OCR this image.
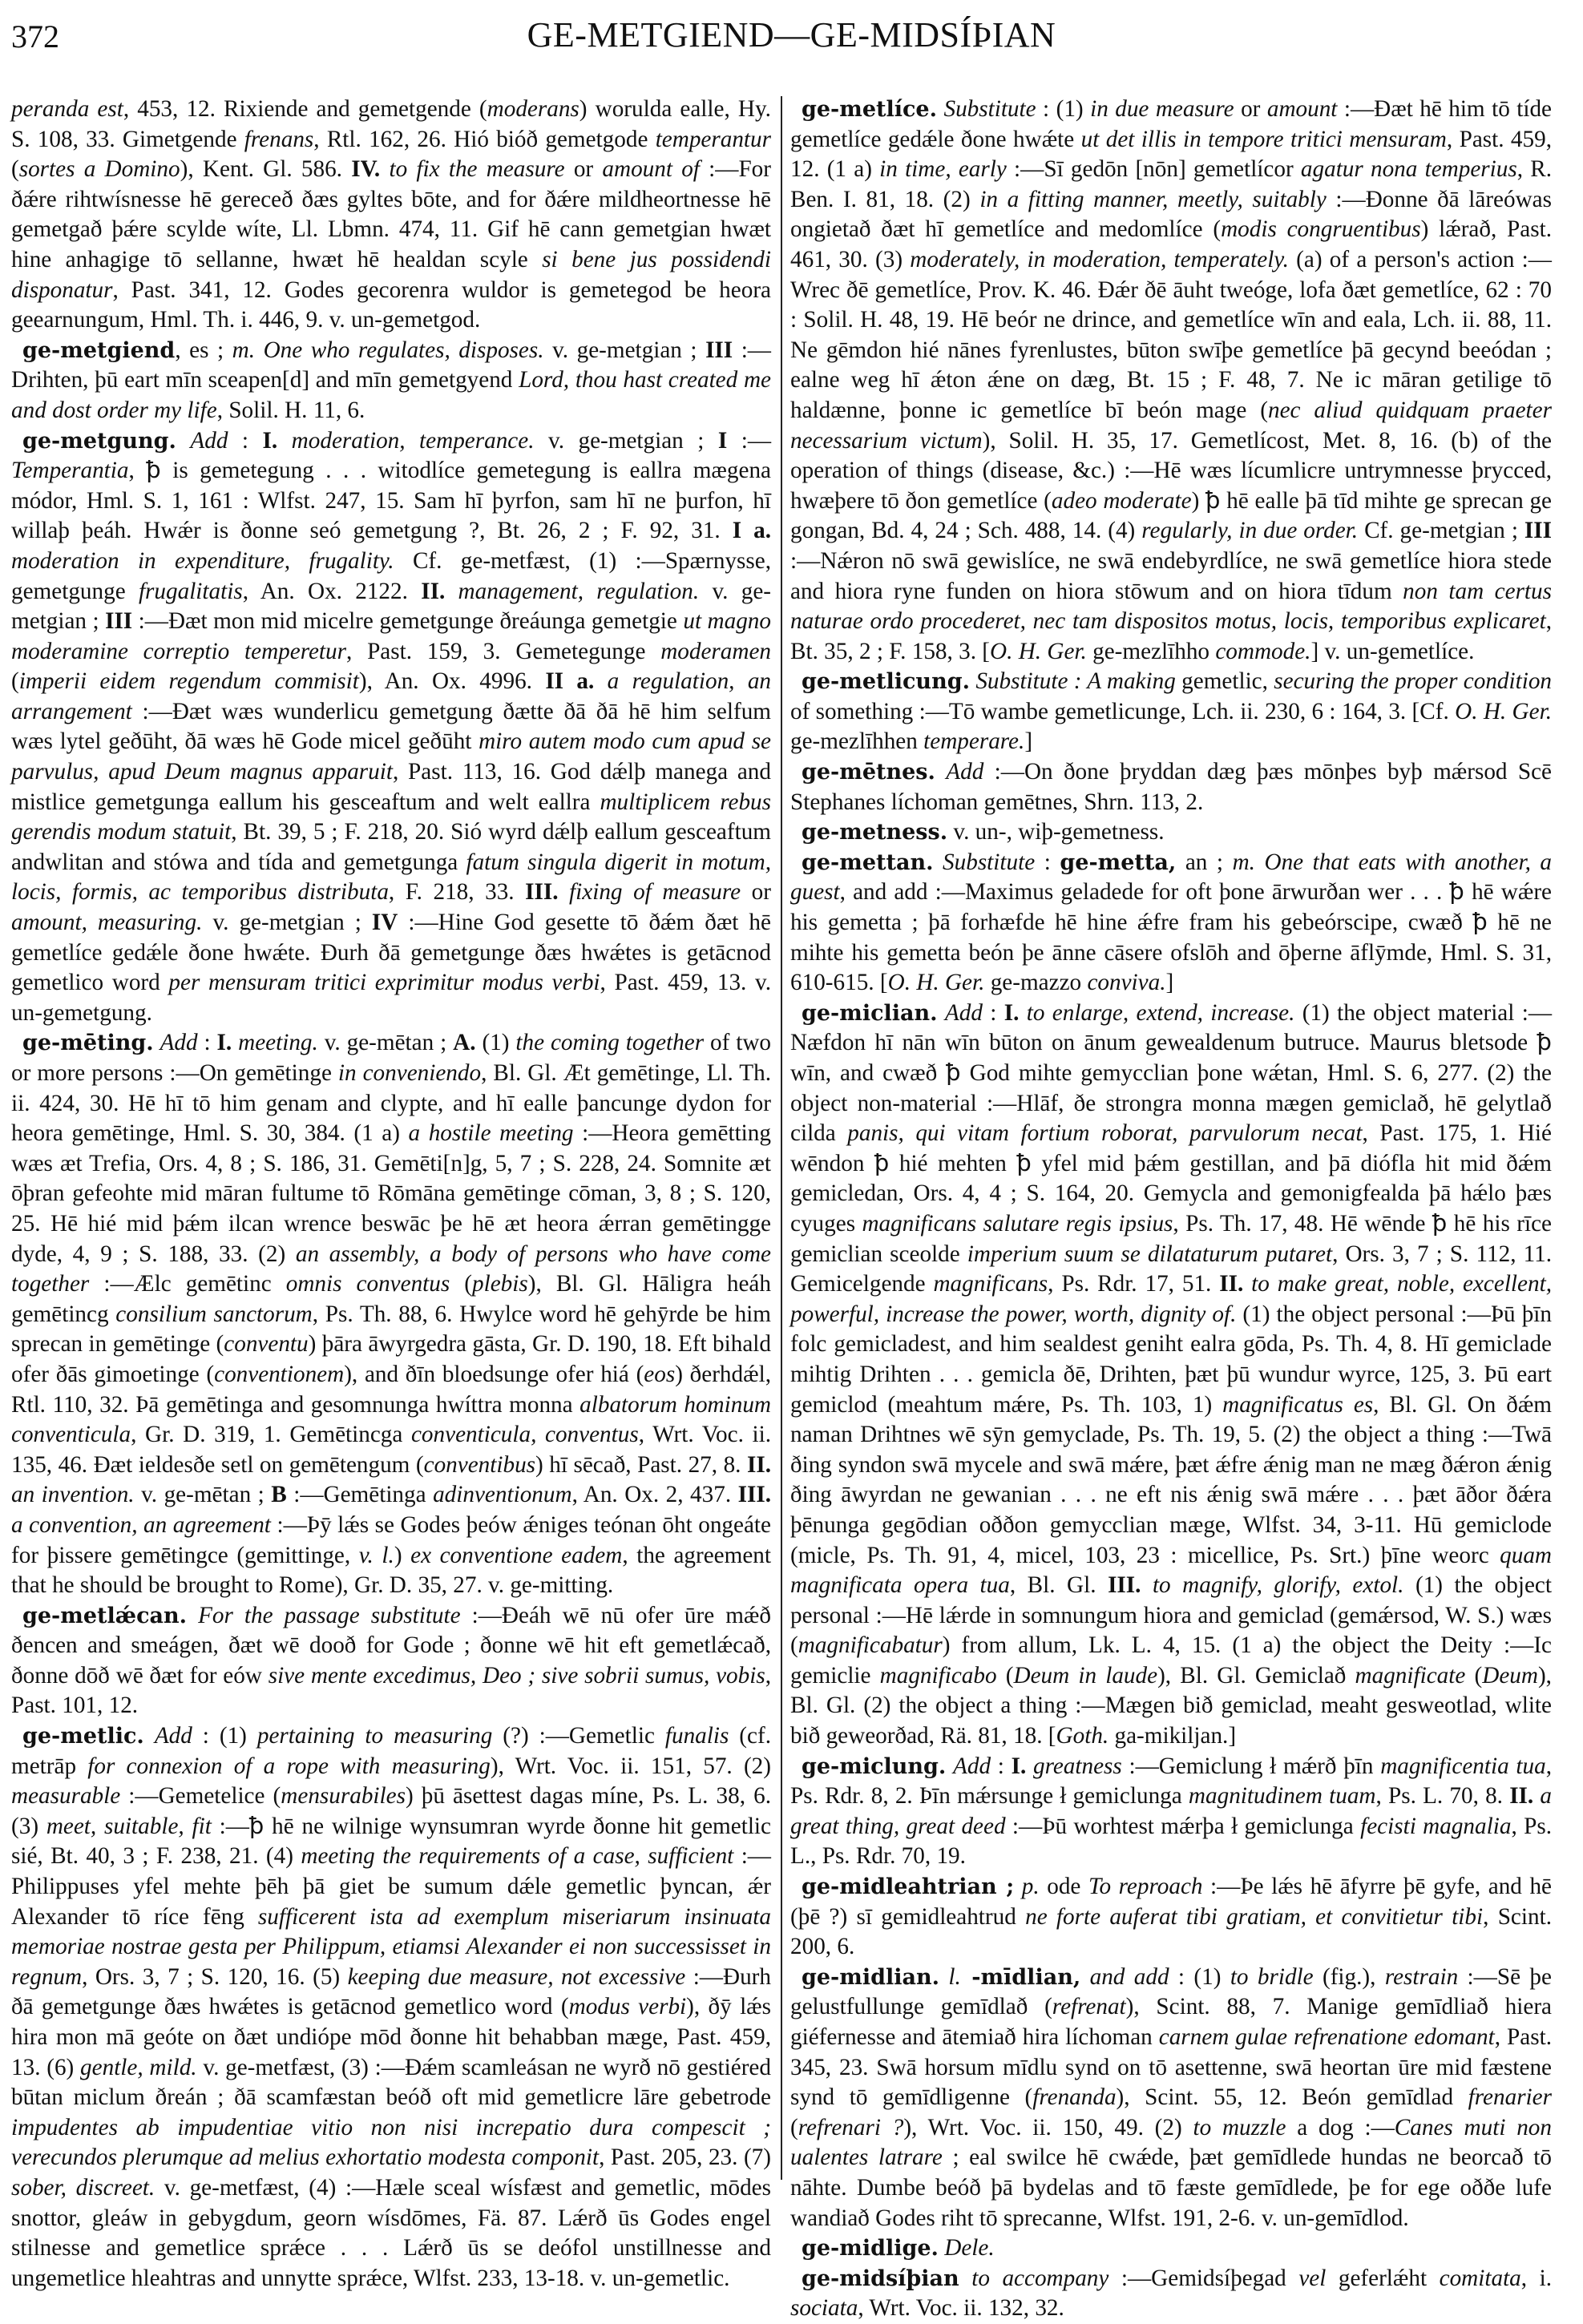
372	GE-METGIEND—GE-MIDSÍÞIAN

peranda est, 453, 12. Rixiende and gemetgende (moderans) worulda ealle, Hy. S. 108, 33. Gimetgende frenans, Rtl. 162, 26. Hió bióð gemetgode temperantur (sortes a Domino), Kent. Gl. 586. IV. to fix the measure or amount of :—For ðǽre rihtwísnesse hē gereceð ðæs gyltes bōte, and for ðǽre mildheortnesse hē gemetgað þǽre scylde wíte, Ll. Lbmn. 474, 11. Gif hē cann gemetgian hwæt hine anhagige tō sellanne, hwæt hē healdan scyle si bene jus possidendi disponatur, Past. 341, 12. Godes gecorenra wuldor is gemetegod be heora geearnungum, Hml. Th. i. 446, 9. v. un-gemetgod.

ge-metgiend, es ; m. One who regulates, disposes. v. ge-metgian ; III :—Drihten, þū eart mīn sceapen[d] and mīn gemetgyend Lord, thou hast created me and dost order my life, Solil. H. 11, 6.

ge-metgung. Add : I. moderation, temperance. v. ge-metgian ; I :—Temperantia, ꝥ is gemetegung . . . witodlíce gemetegung is eallra mægena módor, Hml. S. 1, 161 : Wlfst. 247, 15. Sam hī þyrfon, sam hī ne þurfon, hī willaþ þeáh. Hwǽr is ðonne seó gemetgung ?, Bt. 26, 2 ; F. 92, 31. I a. moderation in expenditure, frugality. Cf. ge-metfæst, (1) :—Spærnysse, gemetgunge frugalitatis, An. Ox. 2122. II. management, regulation. v. ge-metgian ; III :—Ðæt mon mid micelre gemetgunge ðreáunga gemetgie ut magno moderamine correptio temperetur, Past. 159, 3. Gemetegunge moderamen (imperii eidem regendum commisit), An. Ox. 4996. II a. a regulation, an arrangement :—Ðæt wæs wunderlicu gemetgung ðætte ðā ðā hē him selfum wæs lytel geðūht, ðā wæs hē Gode micel geðūht miro autem modo cum apud se parvulus, apud Deum magnus apparuit, Past. 113, 16. God dǽlþ manega and mistlice gemetgunga eallum his gesceaftum and welt eallra multiplicem rebus gerendis modum statuit, Bt. 39, 5 ; F. 218, 20. Sió wyrd dǽlþ eallum gesceaftum andwlitan and stówa and tída and gemetgunga fatum singula digerit in motum, locis, formis, ac temporibus distributa, F. 218, 33. III. fixing of measure or amount, measuring. v. ge-metgian ; IV :—Hine God gesette tō ðǽm ðæt hē gemetlíce gedǽle ðone hwǽte. Ðurh ðā gemetgunge ðæs hwǽtes is getācnod gemetlico word per mensuram tritici exprimitur modus verbi, Past. 459, 13. v. un-gemetgung.

ge-mēting. Add : I. meeting. v. ge-mētan ; A. (1) the coming together of two or more persons :—On gemētinge in conveniendo, Bl. Gl. Æt gemētinge, Ll. Th. ii. 424, 30. Hē hī tō him genam and clypte, and hī ealle þancunge dydon for heora gemētinge, Hml. S. 30, 384. (1 a) a hostile meeting :—Heora gemētting wæs æt Trefia, Ors. 4, 8 ; S. 186, 31. Gemēti[n]g, 5, 7 ; S. 228, 24. Somnite æt ōþran gefeohte mid māran fultume tō Rōmāna gemētinge cōman, 3, 8 ; S. 120, 25. Hē hié mid þǽm ilcan wrence beswāc þe hē æt heora ǽrran gemētingge dyde, 4, 9 ; S. 188, 33. (2) an assembly, a body of persons who have come together :—Ælc gemētinc omnis conventus (plebis), Bl. Gl. Hāligra heáh gemētincg consilium sanctorum, Ps. Th. 88, 6. Hwylce word hē gehȳrde be him sprecan in gemētinge (conventu) þāra āwyrgedra gāsta, Gr. D. 190, 18. Eft bihald ofer ðās gimoetinge (conventionem), and ðīn bloedsunge ofer hiá (eos) ðerhdǽl, Rtl. 110, 32. Þā gemētinga and gesomnunga hwíttra monna albatorum hominum conventicula, Gr. D. 319, 1. Gemētincga conventicula, conventus, Wrt. Voc. ii. 135, 46. Ðæt ieldesðe setl on gemētengum (conventibus) hī sēcað, Past. 27, 8. II. an invention. v. ge-mētan ; B :—Gemētinga adinventionum, An. Ox. 2, 437. III. a convention, an agreement :—Þȳ lǽs se Godes þeów ǽniges teónan ōht ongeáte for þissere gemētingce (gemittinge, v. l.) ex conventione eadem, the agreement that he should be brought to Rome), Gr. D. 35, 27. v. ge-mitting.

ge-metlǽcan. For the passage substitute :—Ðeáh wē nū ofer ūre mǽð ðencen and smeágen, ðæt wē dooð for Gode ; ðonne wē hit eft gemetlǽcað, ðonne dōð wē ðæt for eów sive mente excedimus, Deo ; sive sobrii sumus, vobis, Past. 101, 12.

ge-metlic. Add : (1) pertaining to measuring (?) :—Gemetlic funalis (cf. metrāp for connexion of a rope with measuring), Wrt. Voc. ii. 151, 57. (2) measurable :—Gemetelice (mensurabiles) þū āsettest dagas míne, Ps. L. 38, 6. (3) meet, suitable, fit :—ꝥ hē ne wilnige wynsumran wyrde ðonne hit gemetlic sié, Bt. 40, 3 ; F. 238, 21. (4) meeting the requirements of a case, sufficient :—Philippuses yfel mehte þēh þā giet be sumum dǽle gemetlic þyncan, ǽr Alexander tō ríce fēng sufficerent ista ad exemplum miseriarum insinuata memoriae nostrae gesta per Philippum, etiamsi Alexander ei non successisset in regnum, Ors. 3, 7 ; S. 120, 16. (5) keeping due measure, not excessive :—Ðurh ðā gemetgunge ðæs hwǽtes is getācnod gemetlico word (modus verbi), ðȳ lǽs hira mon mā geóte on ðæt undiópe mōd ðonne hit behabban mæge, Past. 459, 13. (6) gentle, mild. v. ge-metfæst, (3) :—Ðǽm scamleásan ne wyrð nō gestiéred būtan miclum ðreán ; ðā scamfæstan beóð oft mid gemetlicre lāre gebetrode impudentes ab impudentiae vitio non nisi increpatio dura compescit ; verecundos plerumque ad melius exhortatio modesta componit, Past. 205, 23. (7) sober, discreet. v. ge-metfæst, (4) :—Hæle sceal wísfæst and gemetlic, mōdes snottor, gleáw in gebygdum, georn wísdōmes, Fä. 87. Lǽrð ūs Godes engel stilnesse and gemetlice sprǽce . . . Lǽrð ūs se deófol unstillnesse and ungemetlice hleahtras and unnytte sprǽce, Wlfst. 233, 13-18. v. un-gemetlic.

ge-metlíce. Substitute : (1) in due measure or amount :—Ðæt hē him tō tíde gemetlíce gedǽle ðone hwǽte ut det illis in tempore tritici mensuram, Past. 459, 12. (1 a) in time, early :—Sī gedōn [nōn] gemetlícor agatur nona temperius, R. Ben. I. 81, 18. (2) in a fitting manner, meetly, suitably :—Ðonne ðā lāreówas ongietað ðæt hī gemetlíce and medomlíce (modis congruentibus) lǽrað, Past. 461, 30. (3) moderately, in moderation, temperately. (a) of a person's action :—Wrec ðē gemetlíce, Prov. K. 46. Ðǽr ðē āuht tweóge, lofa ðæt gemetlíce, 62 : 70 : Solil. H. 48, 19. Hē beór ne drince, and gemetlíce wīn and eala, Lch. ii. 88, 11. Ne gēmdon hié nānes fyrenlustes, būton swīþe gemetlíce þā gecynd beeódan ; ealne weg hī ǽton ǽne on dæg, Bt. 15 ; F. 48, 7. Ne ic māran getilige tō haldænne, þonne ic gemetlíce bī beón mage (nec aliud quidquam praeter necessarium victum), Solil. H. 35, 17. Gemetlícost, Met. 8, 16. (b) of the operation of things (disease, &c.) :—Hē wæs lícumlicre untrymnesse þrycced, hwæþere tō ðon gemetlíce (adeo moderate) ꝥ hē ealle þā tīd mihte ge sprecan ge gongan, Bd. 4, 24 ; Sch. 488, 14. (4) regularly, in due order. Cf. ge-metgian ; III :—Nǽron nō swā gewislíce, ne swā endebyrdlíce, ne swā gemetlíce hiora stede and hiora ryne funden on hiora stōwum and on hiora tīdum non tam certus naturae ordo procederet, nec tam dispositos motus, locis, temporibus explicaret, Bt. 35, 2 ; F. 158, 3. [O. H. Ger. ge-mezlīhho commode.] v. un-gemetlíce.

ge-metlicung. Substitute : A making gemetlic, securing the proper condition of something :—Tō wambe gemetlicunge, Lch. ii. 230, 6 : 164, 3. [Cf. O. H. Ger. ge-mezlīhhen temperare.]

ge-mētnes. Add :—On ðone þryddan dæg þæs mōnþes byþ mǽrsod Scē Stephanes líchoman gemētnes, Shrn. 113, 2.

ge-metness. v. un-, wiþ-gemetness.

ge-mettan. Substitute : ge-metta, an ; m. One that eats with another, a guest, and add :—Maximus geladede for oft þone ārwurðan wer . . . ꝥ hē wǽre his gemetta ; þā forhæfde hē hine ǽfre fram his gebeórscipe, cwæð ꝥ hē ne mihte his gemetta beón þe ānne cāsere ofslōh and ōþerne āflȳmde, Hml. S. 31, 610-615. [O. H. Ger. ge-mazzo conviva.]

ge-miclian. Add : I. to enlarge, extend, increase. (1) the object material :—Næfdon hī nān wīn būton on ānum gewealdenum butruce. Maurus bletsode ꝥ wīn, and cwæð ꝥ God mihte gemycclian þone wǽtan, Hml. S. 6, 277. (2) the object non-material :—Hlāf, ðe strongra monna mægen gemiclað, hē gelytlað cilda panis, qui vitam fortium roborat, parvulorum necat, Past. 175, 1. Hié wēndon ꝥ hié mehten ꝥ yfel mid þǽm gestillan, and þā diófla hit mid ðǽm gemicledan, Ors. 4, 4 ; S. 164, 20. Gemycla and gemonigfealda þā hǽlo þæs cyuges magnificans salutare regis ipsius, Ps. Th. 17, 48. Hē wēnde ꝥ hē his rīce gemiclian sceolde imperium suum se dilataturum putaret, Ors. 3, 7 ; S. 112, 11. Gemicelgende magnificans, Ps. Rdr. 17, 51. II. to make great, noble, excellent, powerful, increase the power, worth, dignity of. (1) the object personal :—Þū þīn folc gemicladest, and him sealdest geniht ealra gōda, Ps. Th. 4, 8. Hī gemiclade mihtig Drihten . . . gemicla ðē, Drihten, þæt þū wundur wyrce, 125, 3. Þū eart gemiclod (meahtum mǽre, Ps. Th. 103, 1) magnificatus es, Bl. Gl. On ðǽm naman Drihtnes wē sȳn gemyclade, Ps. Th. 19, 5. (2) the object a thing :—Twā ðing syndon swā mycele and swā mǽre, þæt ǽfre ǽnig man ne mæg ðǽron ǽnig ðing āwyrdan ne gewanian . . . ne eft nis ǽnig swā mǽre . . . þæt āðor ðǽra þēnunga gegōdian oððon gemycclian mæge, Wlfst. 34, 3-11. Hū gemiclode (micle, Ps. Th. 91, 4, micel, 103, 23 : micellice, Ps. Srt.) þīne weorc quam magnificata opera tua, Bl. Gl. III. to magnify, glorify, extol. (1) the object personal :—Hē lǽrde in somnungum hiora and gemiclad (gemǽrsod, W. S.) wæs (magnificabatur) from allum, Lk. L. 4, 15. (1 a) the object the Deity :—Ic gemiclie magnificabo (Deum in laude), Bl. Gl. Gemiclað magnificate (Deum), Bl. Gl. (2) the object a thing :—Mægen bið gemiclad, meaht gesweotlad, wlite bið geweorðad, Rä. 81, 18. [Goth. ga-mikiljan.]

ge-miclung. Add : I. greatness :—Gemiclung ł mǽrð þīn magnificentia tua, Ps. Rdr. 8, 2. Þīn mǽrsunge ł gemiclunga magnitudinem tuam, Ps. L. 70, 8. II. a great thing, great deed :—Þū worhtest mǽrþa ł gemiclunga fecisti magnalia, Ps. L., Ps. Rdr. 70, 19.

ge-midleahtrian ; p. ode To reproach :—Þe lǽs hē āfyrre þē gyfe, and hē (þē ?) sī gemidleahtrud ne forte auferat tibi gratiam, et convitietur tibi, Scint. 200, 6.

ge-midlian. l. -mīdlian, and add : (1) to bridle (fig.), restrain :—Sē þe gelustfullunge gemīdlað (refrenat), Scint. 88, 7. Manige gemīdliað hiera giéfernesse and ātemiað hira líchoman carnem gulae refrenatione edomant, Past. 345, 23. Swā horsum mīdlu synd on tō asettenne, swā heortan ūre mid fæstene synd tō gemīdligenne (frenanda), Scint. 55, 12. Beón gemīdlad frenarier (refrenari ?), Wrt. Voc. ii. 150, 49. (2) to muzzle a dog :—Canes muti non ualentes latrare ; eal swilce hē cwǽde, þæt gemīdlede hundas ne beorcað tō nāhte. Dumbe beóð þā bydelas and tō fæste gemīdlede, þe for ege oððe lufe wandiað Godes riht tō sprecanne, Wlfst. 191, 2-6. v. un-gemīdlod.

ge-midlige. Dele.

ge-midsíþian to accompany :—Gemidsíþegad vel geferlǽht comitata, i. sociata, Wrt. Voc. ii. 132, 32.
